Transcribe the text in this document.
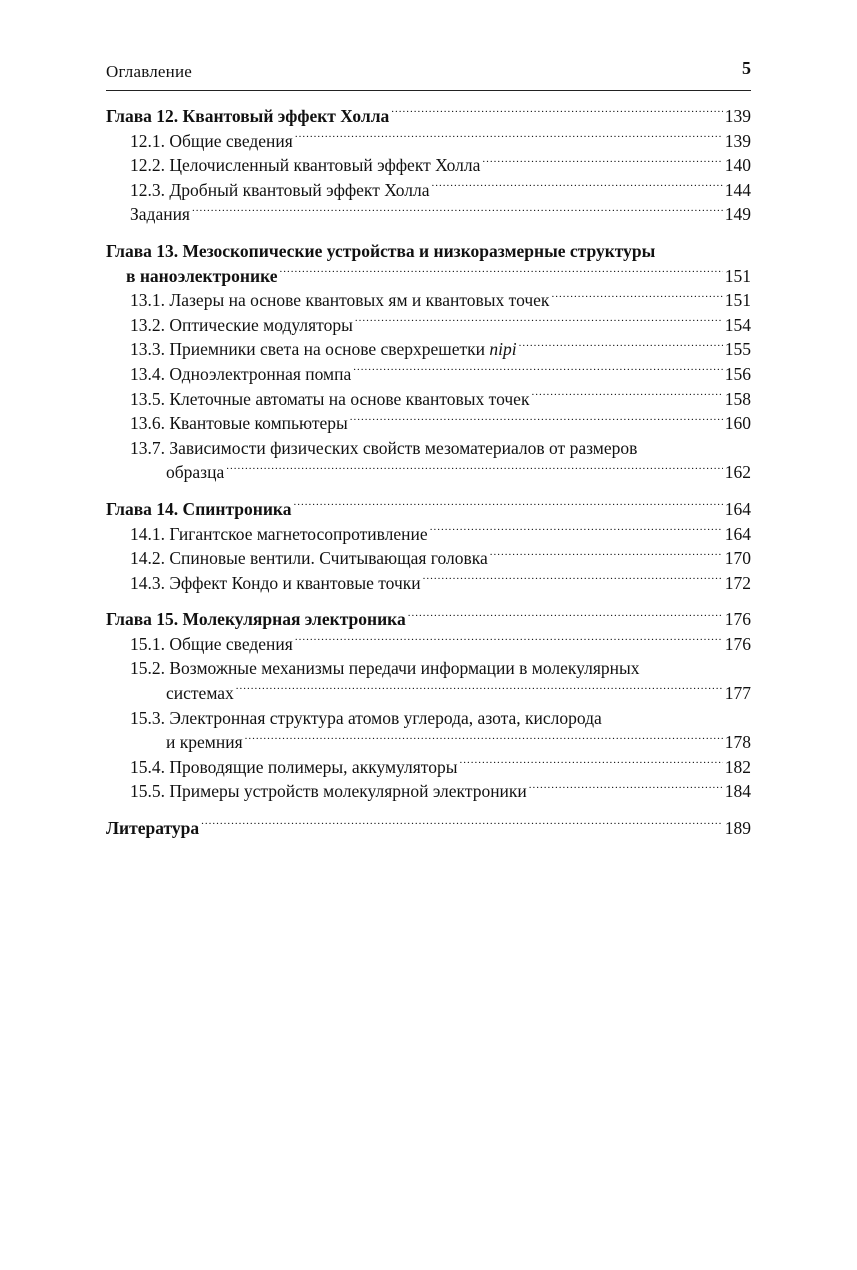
Оглавление	5
Глава 12. Квантовый эффект Холла .....	139
12.1. Общие сведения .....	139
12.2. Целочисленный квантовый эффект Холла .....	140
12.3. Дробный квантовый эффект Холла .....	144
Задания .....	149
Глава 13. Мезоскопические устройства и низкоразмерные структуры
в наноэлектронике .....	151
13.1. Лазеры на основе квантовых ям и квантовых точек .....	151
13.2. Оптические модуляторы .....	154
13.3. Приемники света на основе сверхрешетки nipi .....	155
13.4. Одноэлектронная помпа .....	156
13.5. Клеточные автоматы на основе квантовых точек .....	158
13.6. Квантовые компьютеры .....	160
13.7. Зависимости физических свойств мезоматериалов от размеров
образца .....	162
Глава 14. Спинтроника .....	164
14.1. Гигантское магнетосопротивление .....	164
14.2. Спиновые вентили. Считывающая головка .....	170
14.3. Эффект Кондо и квантовые точки .....	172
Глава 15. Молекулярная электроника .....	176
15.1. Общие сведения .....	176
15.2. Возможные механизмы передачи информации в молекулярных
системах .....	177
15.3. Электронная структура атомов углерода, азота, кислорода
и кремния .....	178
15.4. Проводящие полимеры, аккумуляторы .....	182
15.5. Примеры устройств молекулярной электроники .....	184
Литература .....	189
